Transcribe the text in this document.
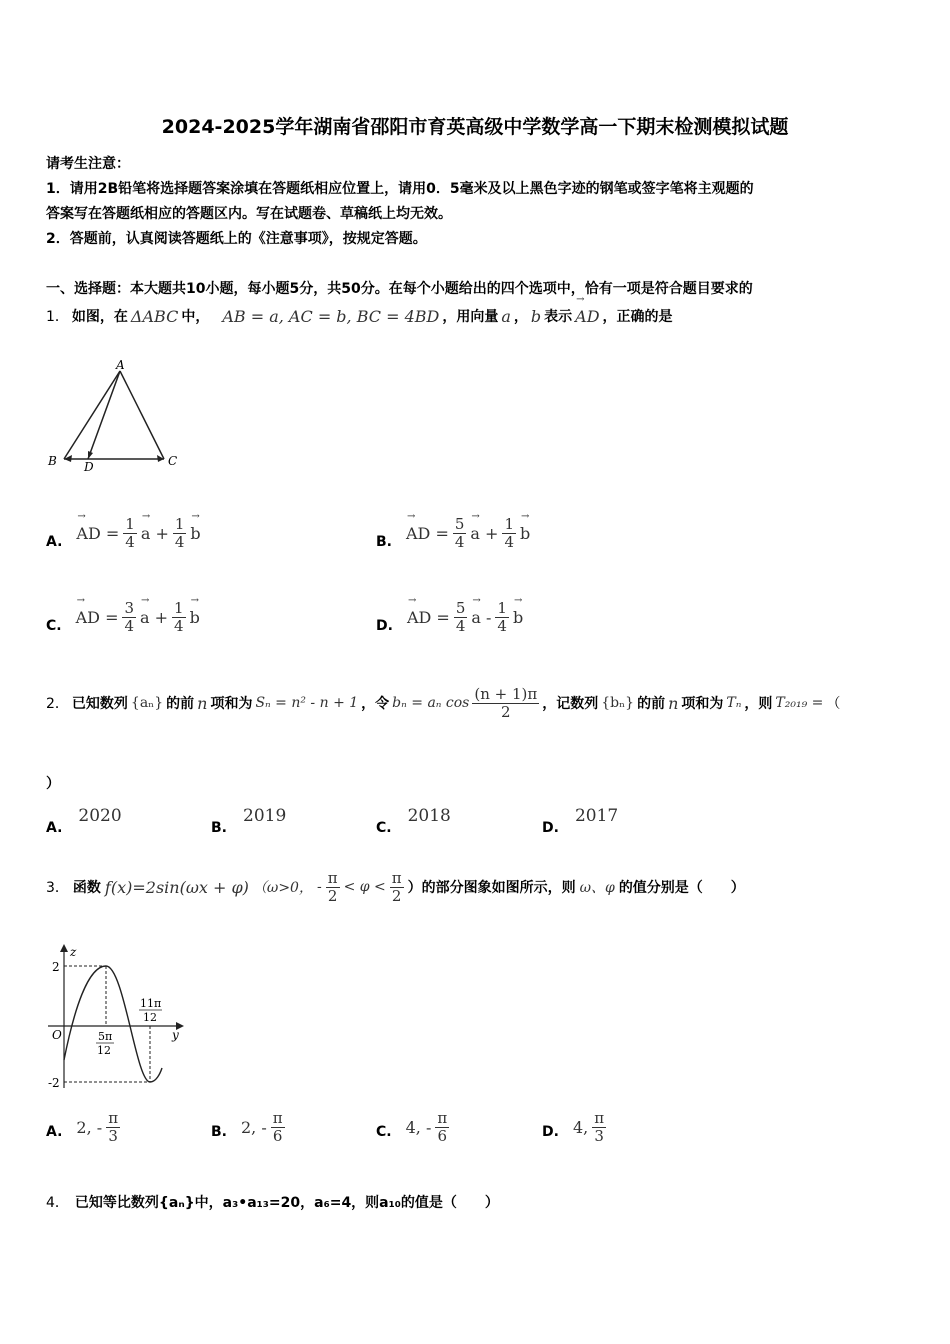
2024-2025学年湖南省邵阳市育英高级中学数学高一下期末检测模拟试题
请考生注意：
1．请用2B铅笔将选择题答案涂填在答题纸相应位置上，请用0．5毫米及以上黑色字迹的钢笔或签字笔将主观题的
答案写在答题纸相应的答题区内。写在试题卷、草稿纸上均无效。
2．答题前，认真阅读答题纸上的《注意事项》，按规定答题。
一、选择题：本大题共10小题，每小题5分，共50分。在每个小题给出的四个选项中，恰有一项是符合题目要求的
1． 如图，在 ΔABC 中， AB = a, AC = b, BC = 4BD ，用向量 a ， b 表示
→ AD ，正确的是
A
B D	C
A.
→ AD = $\frac{1}{4}$
→ $a + \frac{1}{4}$
→ b	B.
→ AD = $\frac{5}{4}$
→ $a + \frac{1}{4}$
→ b
C.
→ AD = $\frac{3}{4}$
→ $a + \frac{1}{4}$
→ b	D.
→ AD = $\frac{5}{4}$
→ a - $\frac{1}{4}$
→ b
2． 已知数列 {aₙ} 的前 n 项和为 Sₙ = n² - n + 1 ，令 bₙ = aₙ $\cos \frac{(n + 1)\pi}{2}$ ，记数列 {bₙ} 的前 n 项和为 Tₙ ，则 T₂₀₁₉ = （
）
A.
2020
B.
2019
C.
2018
D.
2017
3． 函数 f(x)=2sin(ωx + φ) （ω>0， - $\frac{\pi}{2} < \varphi < \frac{\pi}{2}$ ）的部分图象如图所示，则 ω、φ 的值分别是（　　）
z
y
O
2
-2
5π
12
11π
12
A. 2, - $\frac{\pi}{3}$	B. 2, - $\frac{\pi}{6}$	C. 4, - $\frac{\pi}{6}$	D. 4, $\frac{\pi}{3}$
4． 已知等比数列{aₙ}中，a₃•a₁₃=20，a₆=4，则a₁₀的值是（　　）
